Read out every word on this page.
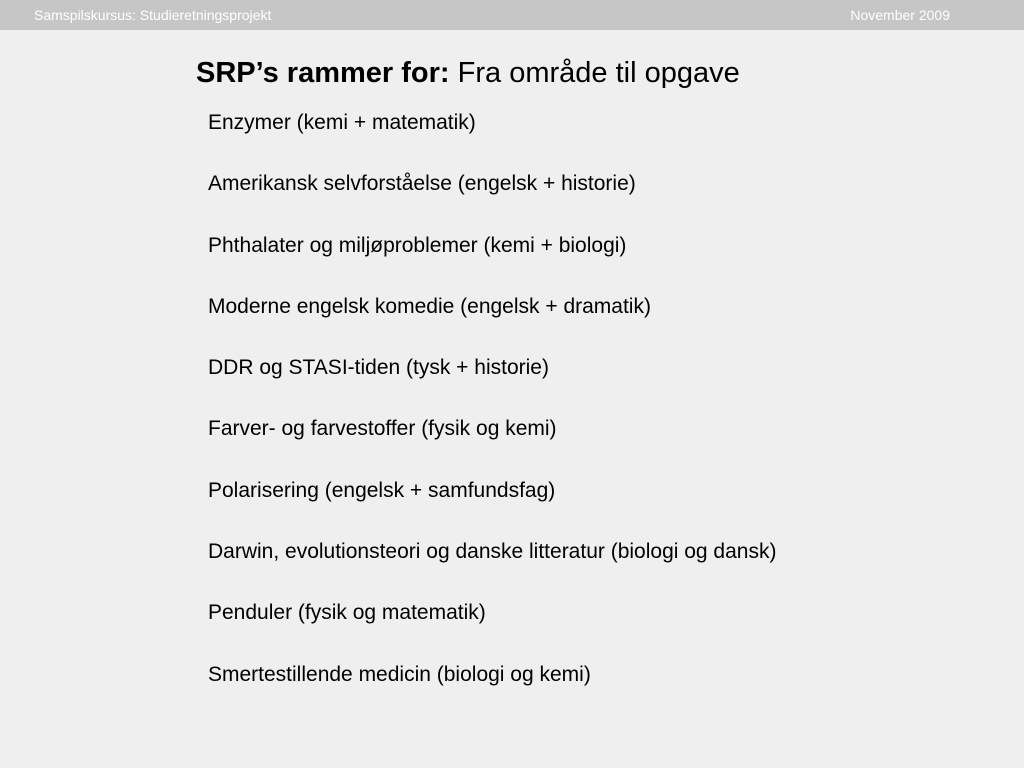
Samspilskursus: Studieretningsprojekt	November 2009
SRP’s rammer for: Fra område til opgave
Enzymer (kemi + matematik)
Amerikansk selvforståelse (engelsk + historie)
Phthalater og miljøproblemer (kemi + biologi)
Moderne engelsk komedie (engelsk + dramatik)
DDR og STASI-tiden (tysk + historie)
Farver- og farvestoffer (fysik og kemi)
Polarisering (engelsk + samfundsfag)
Darwin, evolutionsteori og danske litteratur (biologi og dansk)
Penduler (fysik og matematik)
Smertestillende medicin (biologi og kemi)
